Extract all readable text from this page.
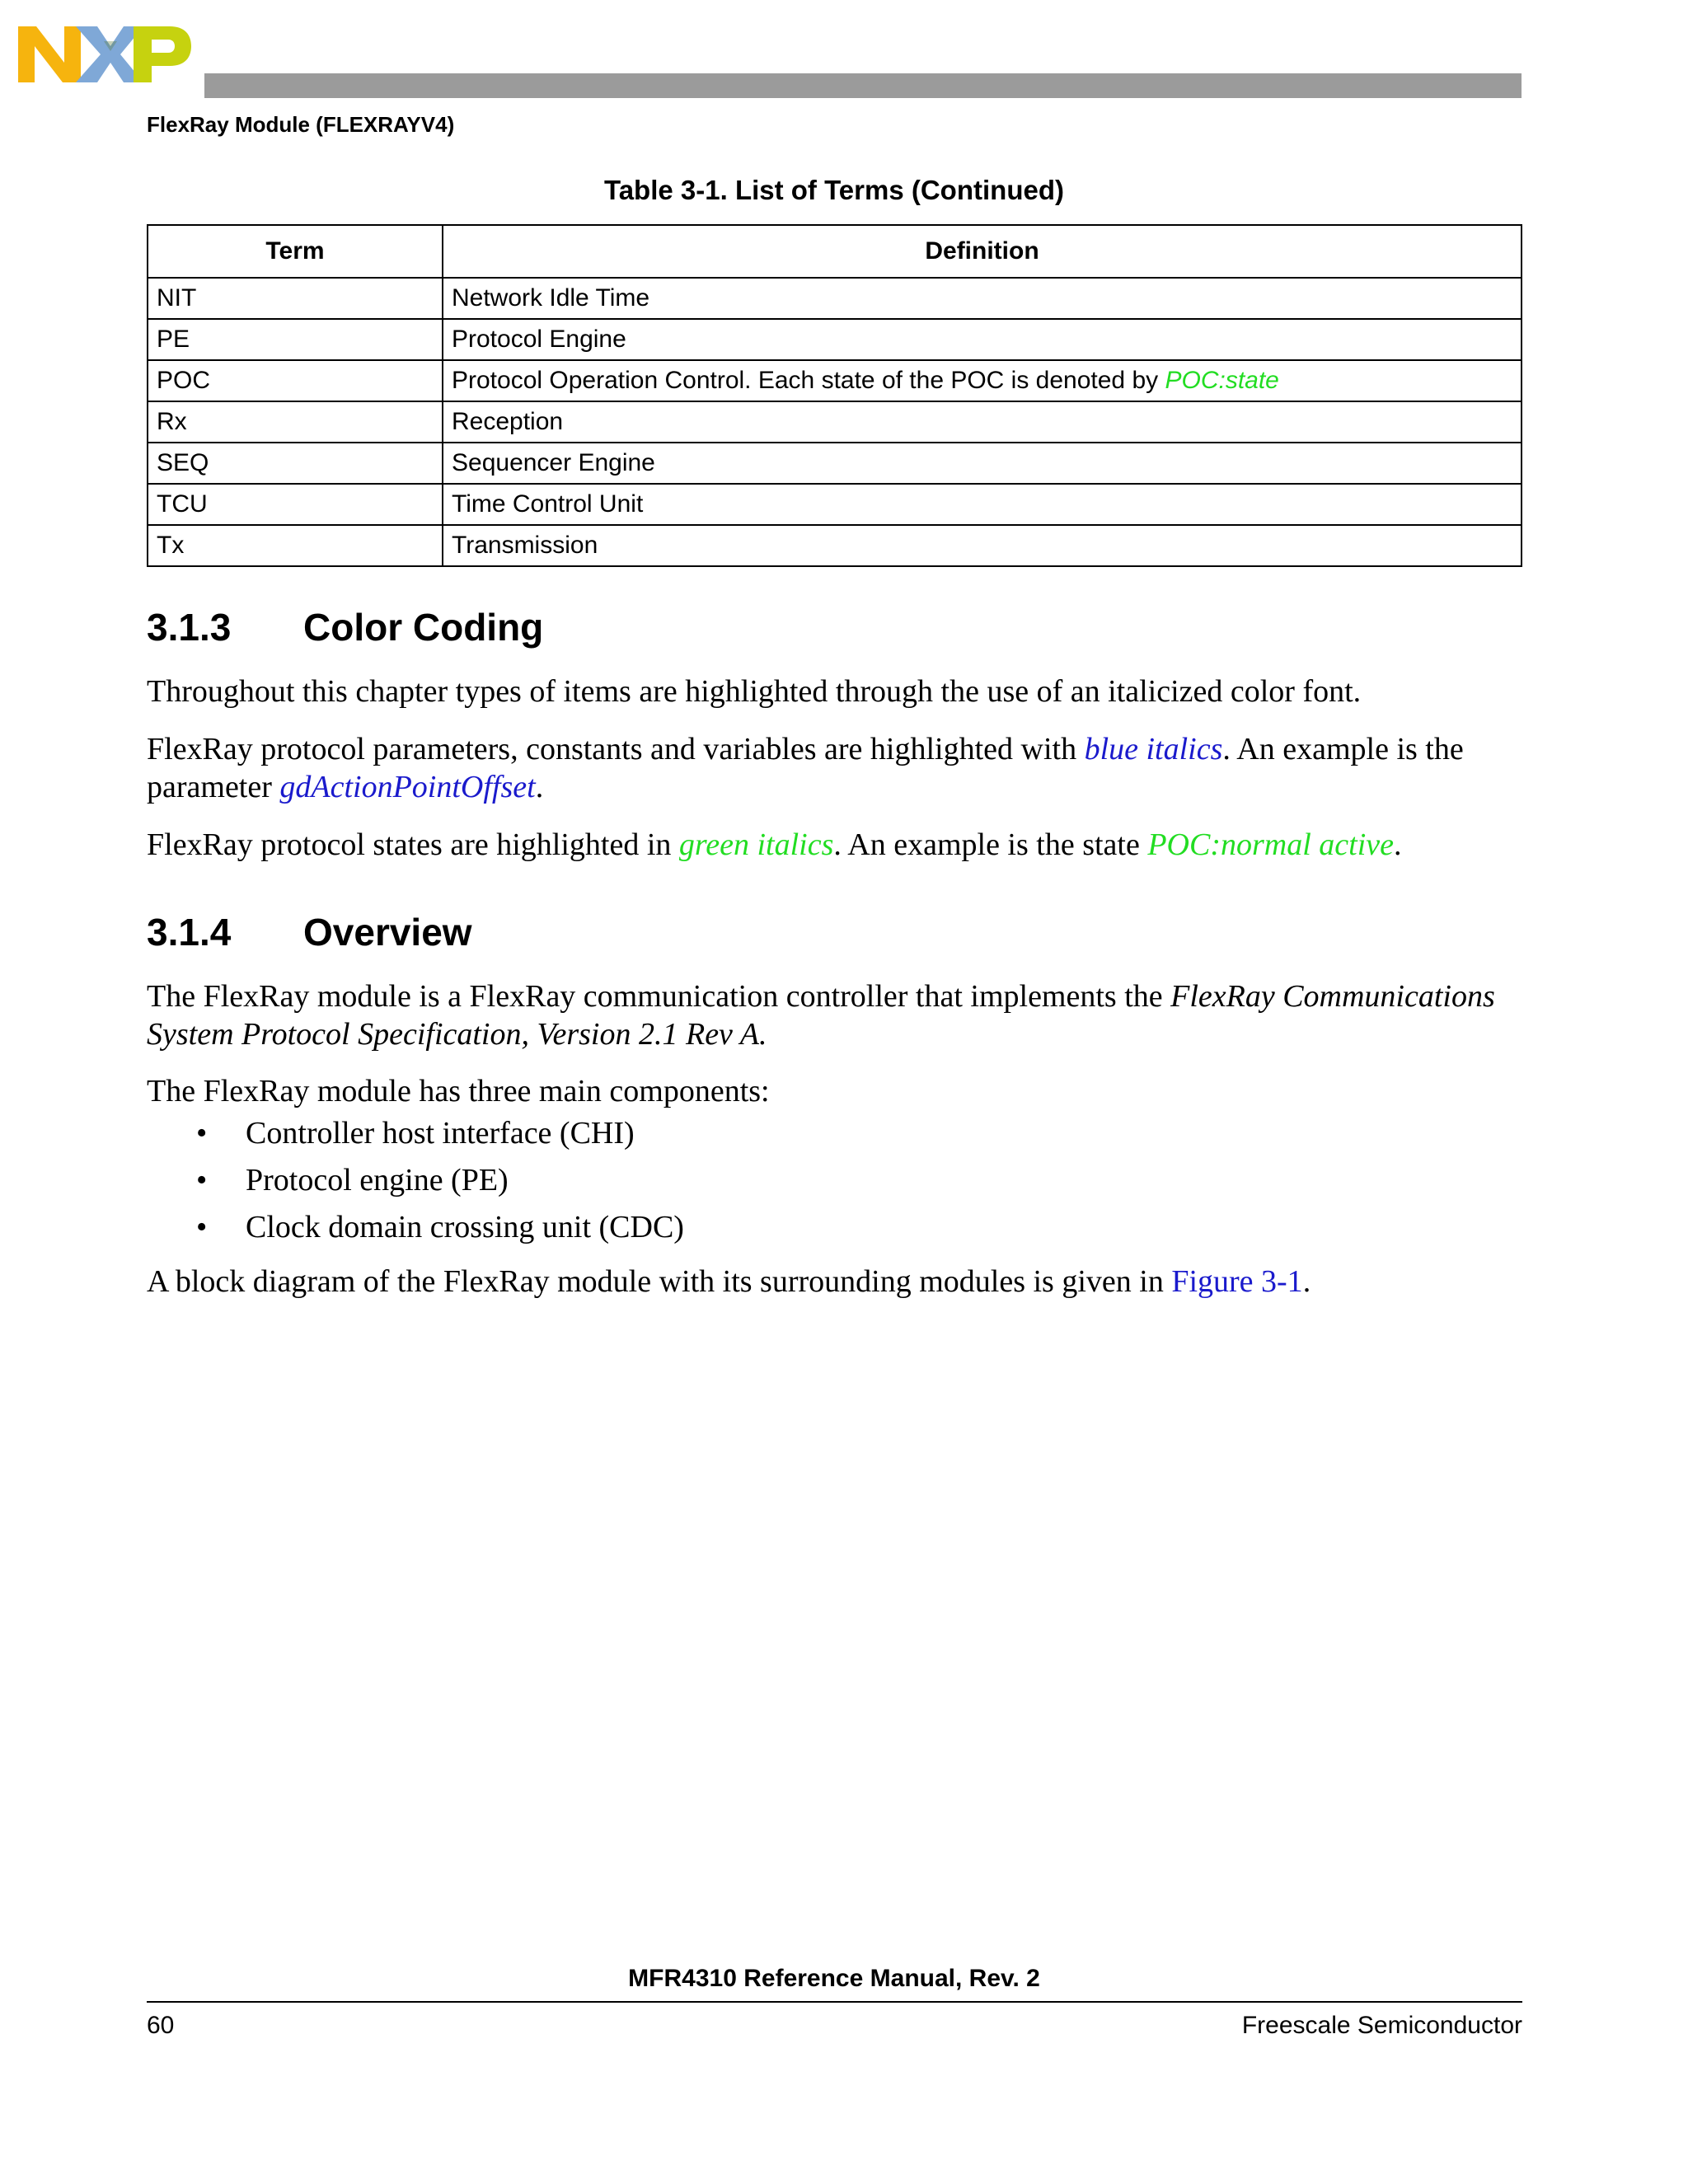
FlexRay Module (FLEXRAYV4)
Table 3-1. List of Terms (Continued)
Term	Definition
NIT	Network Idle Time
PE	Protocol Engine
POC	Protocol Operation Control. Each state of the POC is denoted by POC:state
Rx	Reception
SEQ	Sequencer Engine
TCU	Time Control Unit
Tx	Transmission
3.1.3 Color Coding

Throughout this chapter types of items are highlighted through the use of an italicized color font.

FlexRay protocol parameters, constants and variables are highlighted with blue italics. An example is the parameter gdActionPointOffset.

FlexRay protocol states are highlighted in green italics. An example is the state POC:normal active.

3.1.4 Overview

The FlexRay module is a FlexRay communication controller that implements the FlexRay Communications System Protocol Specification, Version 2.1 Rev A.

The FlexRay module has three main components:

• Controller host interface (CHI)
• Protocol engine (PE)
• Clock domain crossing unit (CDC)

A block diagram of the FlexRay module with its surrounding modules is given in Figure 3-1.

MFR4310 Reference Manual, Rev. 2
60	Freescale Semiconductor
